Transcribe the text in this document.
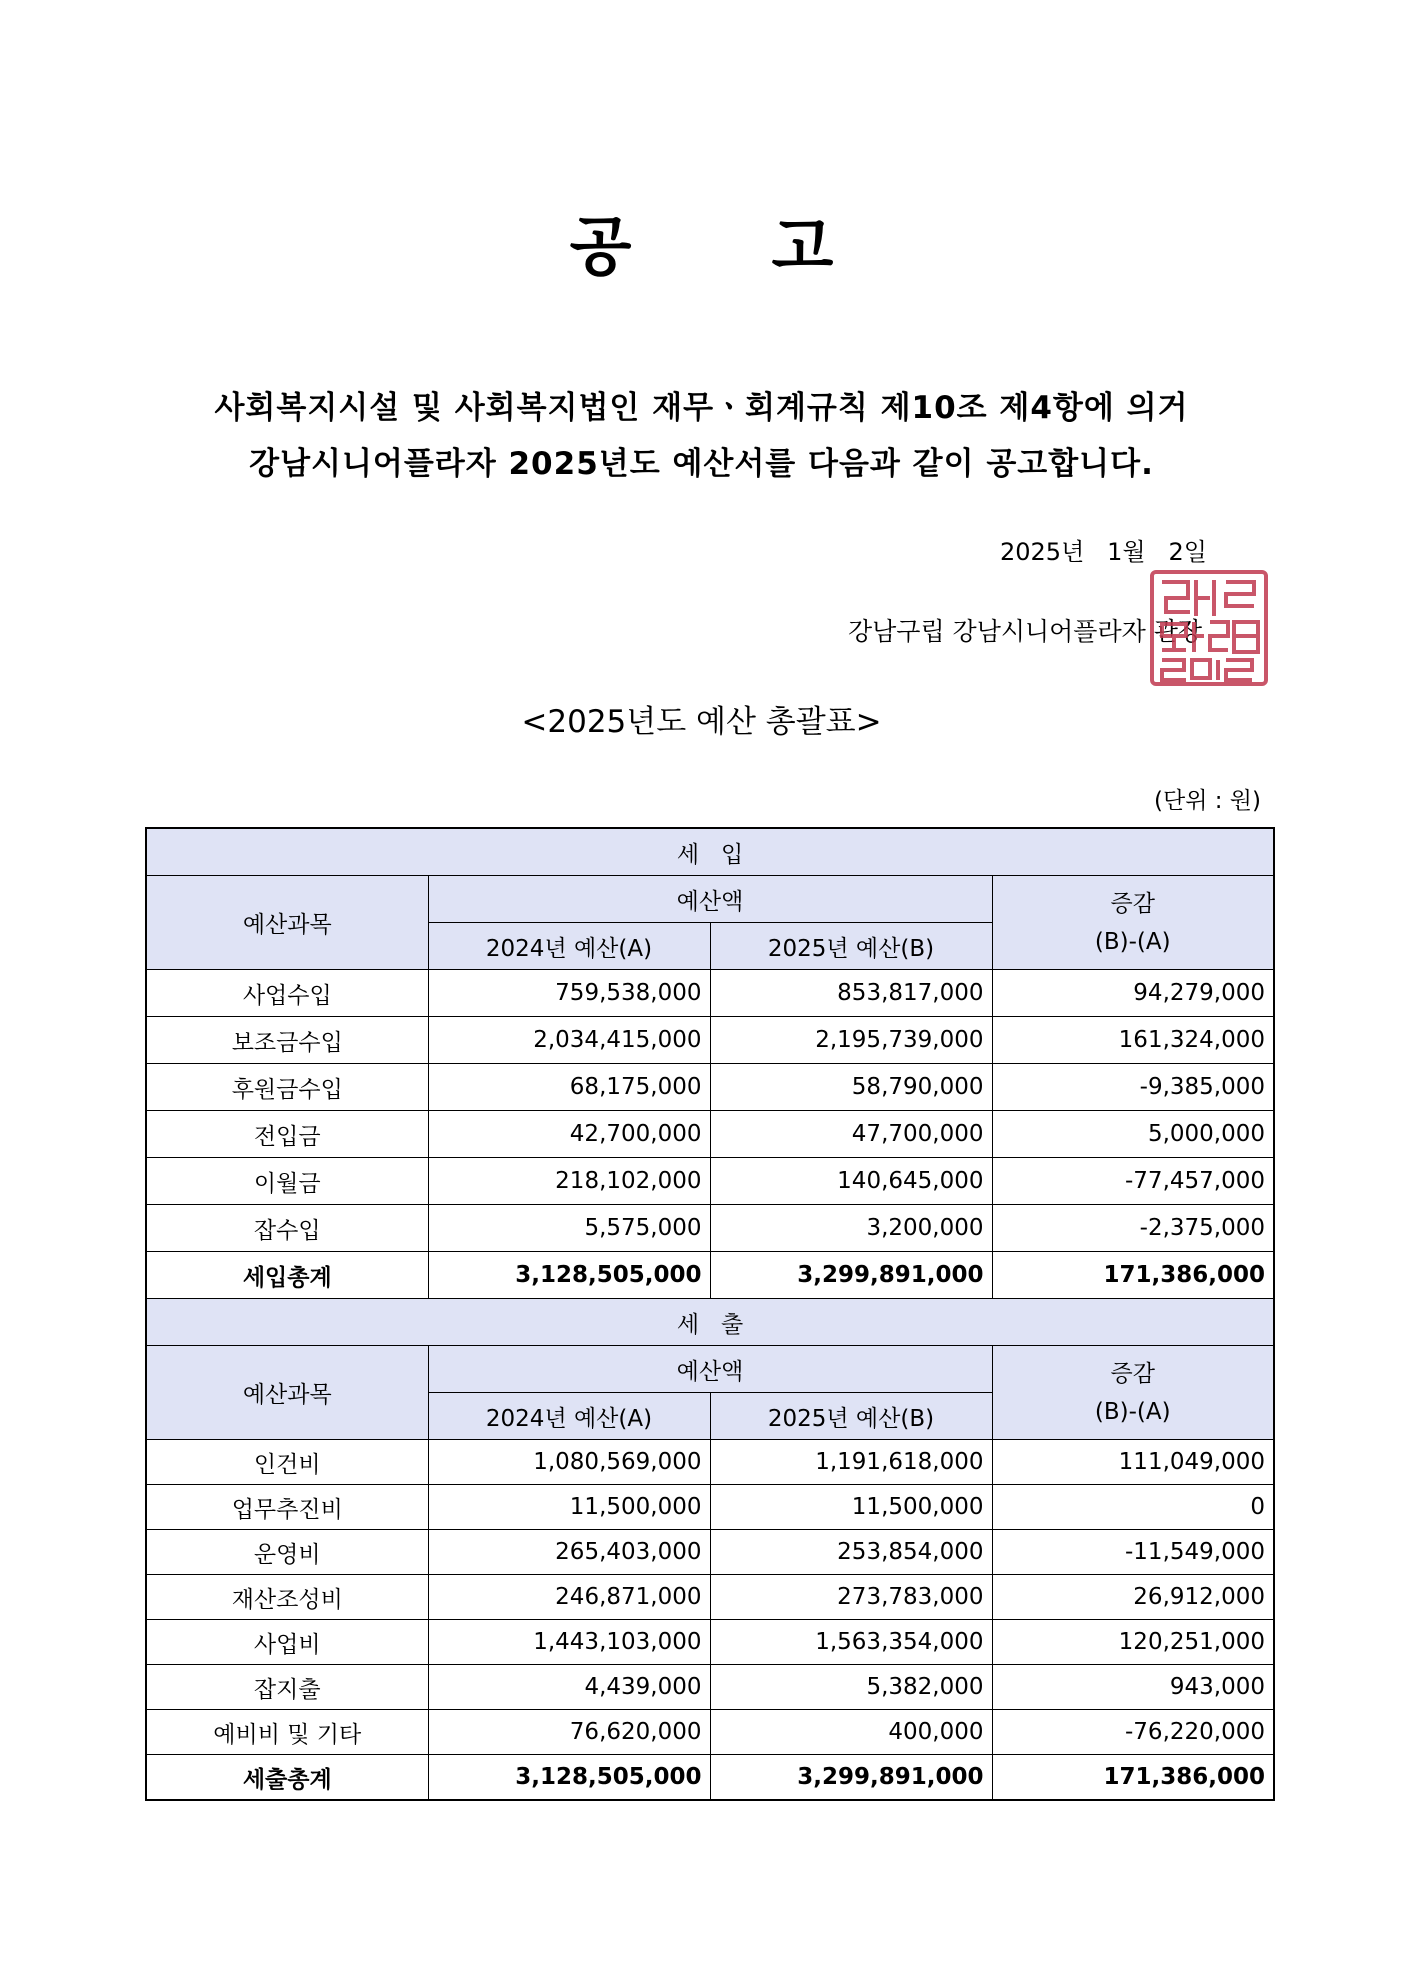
공 고

사회복지시설 및 사회복지법인 재무ㆍ회계규칙 제10조 제4항에 의거

강남시니어플라자 2025년도 예산서를 다음과 같이 공고합니다.

2025년   1월   2일
강남구립 강남시니어플라자 관장
<2025년도 예산 총괄표>
(단위 : 원)
세   입			
예산과목	예산액		증감
(B)-(A)

	2024년 예산(A)	2025년 예산(B)	
사업수입	759,538,000	853,817,000	94,279,000
보조금수입	2,034,415,000	2,195,739,000	161,324,000
후원금수입	68,175,000	58,790,000	-9,385,000
전입금	42,700,000	47,700,000	5,000,000
이월금	218,102,000	140,645,000	-77,457,000
잡수입	5,575,000	3,200,000	-2,375,000
세입총계	3,128,505,000	3,299,891,000	171,386,000
세   출			
예산과목	예산액		증감
(B)-(A)

	2024년 예산(A)	2025년 예산(B)	
인건비	1,080,569,000	1,191,618,000	111,049,000
업무추진비	11,500,000	11,500,000	0
운영비	265,403,000	253,854,000	-11,549,000
재산조성비	246,871,000	273,783,000	26,912,000
사업비	1,443,103,000	1,563,354,000	120,251,000
잡지출	4,439,000	5,382,000	943,000
예비비 및 기타	76,620,000	400,000	-76,220,000
세출총계	3,128,505,000	3,299,891,000	171,386,000
